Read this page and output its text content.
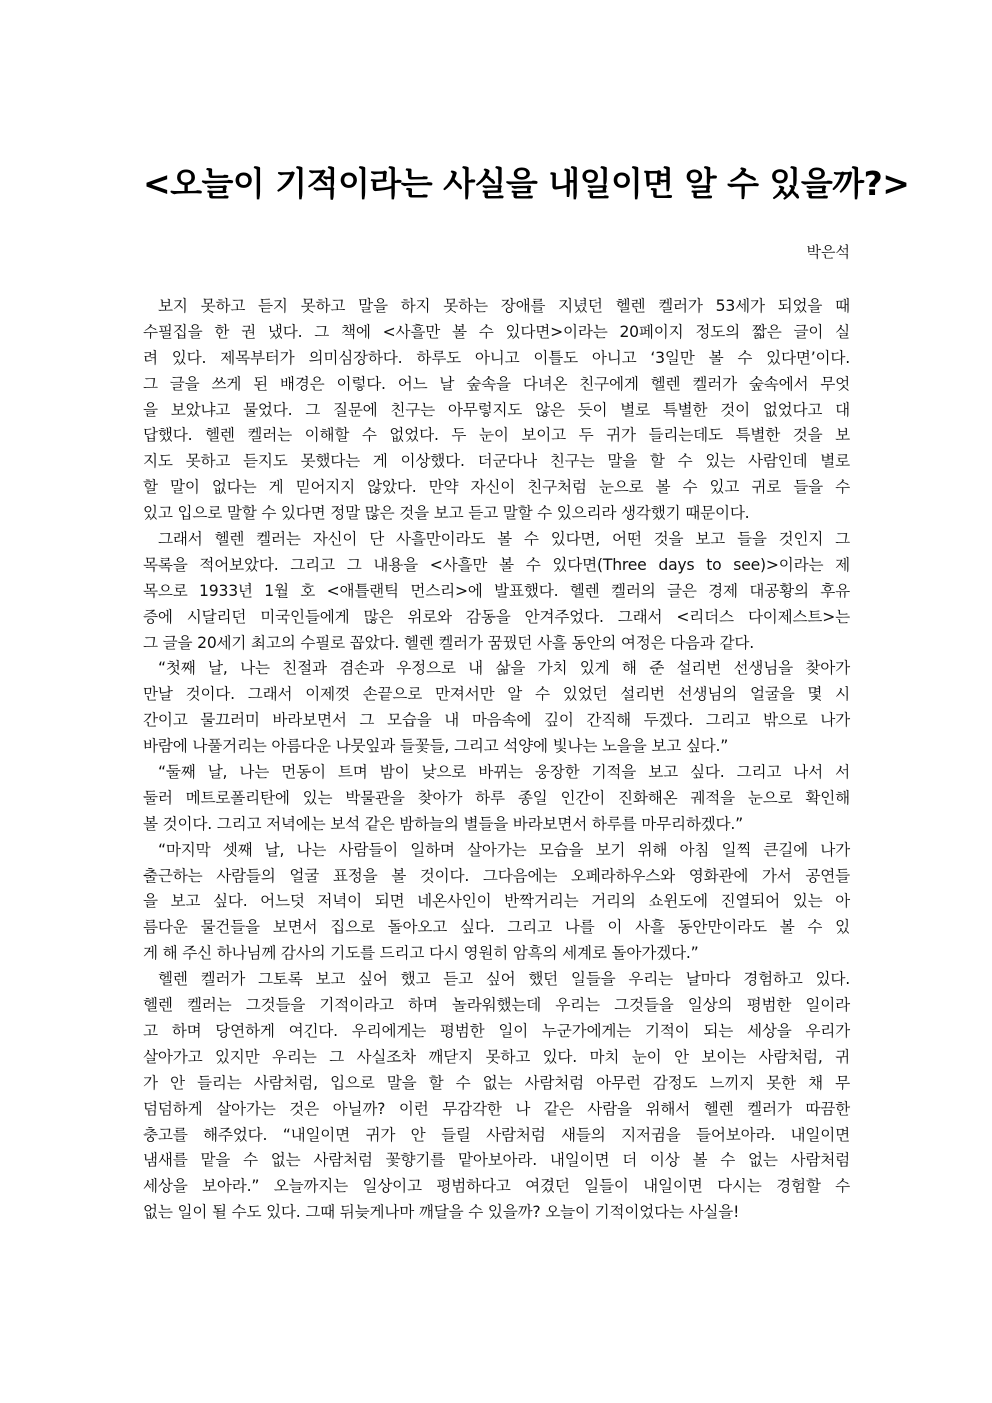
<오늘이 기적이라는 사실을 내일이면 알 수 있을까?>
박은석
보지 못하고 듣지 못하고 말을 하지 못하는 장애를 지녔던 헬렌 켈러가 53세가 되었을 때
수필집을 한 권 냈다. 그 책에 <사흘만 볼 수 있다면>이라는 20페이지 정도의 짧은 글이 실
려 있다. 제목부터가 의미심장하다. 하루도 아니고 이틀도 아니고 ‘3일만 볼 수 있다면’이다.
그 글을 쓰게 된 배경은 이렇다. 어느 날 숲속을 다녀온 친구에게 헬렌 켈러가 숲속에서 무엇
을 보았냐고 물었다. 그 질문에 친구는 아무렇지도 않은 듯이 별로 특별한 것이 없었다고 대
답했다. 헬렌 켈러는 이해할 수 없었다. 두 눈이 보이고 두 귀가 들리는데도 특별한 것을 보
지도 못하고 듣지도 못했다는 게 이상했다. 더군다나 친구는 말을 할 수 있는 사람인데 별로
할 말이 없다는 게 믿어지지 않았다. 만약 자신이 친구처럼 눈으로 볼 수 있고 귀로 들을 수
있고 입으로 말할 수 있다면 정말 많은 것을 보고 듣고 말할 수 있으리라 생각했기 때문이다.
그래서 헬렌 켈러는 자신이 단 사흘만이라도 볼 수 있다면, 어떤 것을 보고 들을 것인지 그
목록을 적어보았다. 그리고 그 내용을 <사흘만 볼 수 있다면(Three days to see)>이라는 제
목으로 1933년 1월 호 <애틀랜틱 먼스리>에 발표했다. 헬렌 켈러의 글은 경제 대공황의 후유
증에 시달리던 미국인들에게 많은 위로와 감동을 안겨주었다. 그래서 <리더스 다이제스트>는
그 글을 20세기 최고의 수필로 꼽았다. 헬렌 켈러가 꿈꿨던 사흘 동안의 여정은 다음과 같다.
“첫째 날, 나는 친절과 겸손과 우정으로 내 삶을 가치 있게 해 준 설리번 선생님을 찾아가
만날 것이다. 그래서 이제껏 손끝으로 만져서만 알 수 있었던 설리번 선생님의 얼굴을 몇 시
간이고 물끄러미 바라보면서 그 모습을 내 마음속에 깊이 간직해 두겠다. 그리고 밖으로 나가
바람에 나풀거리는 아름다운 나뭇잎과 들꽃들, 그리고 석양에 빛나는 노을을 보고 싶다.”
“둘째 날, 나는 먼동이 트며 밤이 낮으로 바뀌는 웅장한 기적을 보고 싶다. 그리고 나서 서
둘러 메트로폴리탄에 있는 박물관을 찾아가 하루 종일 인간이 진화해온 궤적을 눈으로 확인해
볼 것이다. 그리고 저녁에는 보석 같은 밤하늘의 별들을 바라보면서 하루를 마무리하겠다.”
“마지막 셋째 날, 나는 사람들이 일하며 살아가는 모습을 보기 위해 아침 일찍 큰길에 나가
출근하는 사람들의 얼굴 표정을 볼 것이다. 그다음에는 오페라하우스와 영화관에 가서 공연들
을 보고 싶다. 어느덧 저녁이 되면 네온사인이 반짝거리는 거리의 쇼윈도에 진열되어 있는 아
름다운 물건들을 보면서 집으로 돌아오고 싶다. 그리고 나를 이 사흘 동안만이라도 볼 수 있
게 해 주신 하나님께 감사의 기도를 드리고 다시 영원히 암흑의 세계로 돌아가겠다.”
헬렌 켈러가 그토록 보고 싶어 했고 듣고 싶어 했던 일들을 우리는 날마다 경험하고 있다.
헬렌 켈러는 그것들을 기적이라고 하며 놀라워했는데 우리는 그것들을 일상의 평범한 일이라
고 하며 당연하게 여긴다. 우리에게는 평범한 일이 누군가에게는 기적이 되는 세상을 우리가
살아가고 있지만 우리는 그 사실조차 깨닫지 못하고 있다. 마치 눈이 안 보이는 사람처럼, 귀
가 안 들리는 사람처럼, 입으로 말을 할 수 없는 사람처럼 아무런 감정도 느끼지 못한 채 무
덤덤하게 살아가는 것은 아닐까? 이런 무감각한 나 같은 사람을 위해서 헬렌 켈러가 따끔한
충고를 해주었다. “내일이면 귀가 안 들릴 사람처럼 새들의 지저귐을 들어보아라. 내일이면
냄새를 맡을 수 없는 사람처럼 꽃향기를 맡아보아라. 내일이면 더 이상 볼 수 없는 사람처럼
세상을 보아라.” 오늘까지는 일상이고 평범하다고 여겼던 일들이 내일이면 다시는 경험할 수
없는 일이 될 수도 있다. 그때 뒤늦게나마 깨달을 수 있을까? 오늘이 기적이었다는 사실을!
